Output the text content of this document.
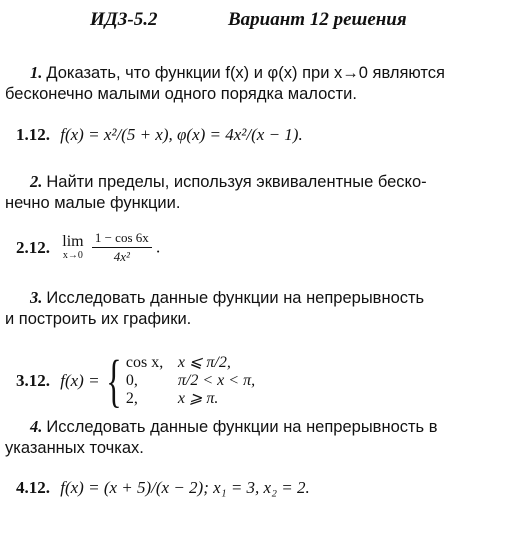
ИДЗ-5.2	Вариант 12 решения
1. Доказать, что функции f(x) и φ(x) при x→0 являются
бесконечно малыми одного порядка малости.
1.12. f(x) = x²/(5 + x), φ(x) = 4x²/(x − 1).
2. Найти пределы, используя эквивалентные беско-
нечно малые функции.
2.12. lim
x→0
$\frac{1 - \cos 6x}{\text{4x²}}$ .
3. Исследовать данные функции на непрерывность
и построить их графики.
3.12. f(x) = { cos x, x ⩽ π/2,
0,	π/2 < x < π,
2,	x ⩾ π.
4. Исследовать данные функции на непрерывность в
указанных точках.
4.12. f(x) = (x + 5)/(x − 2); x₁ = 3, x₂ = 2.
